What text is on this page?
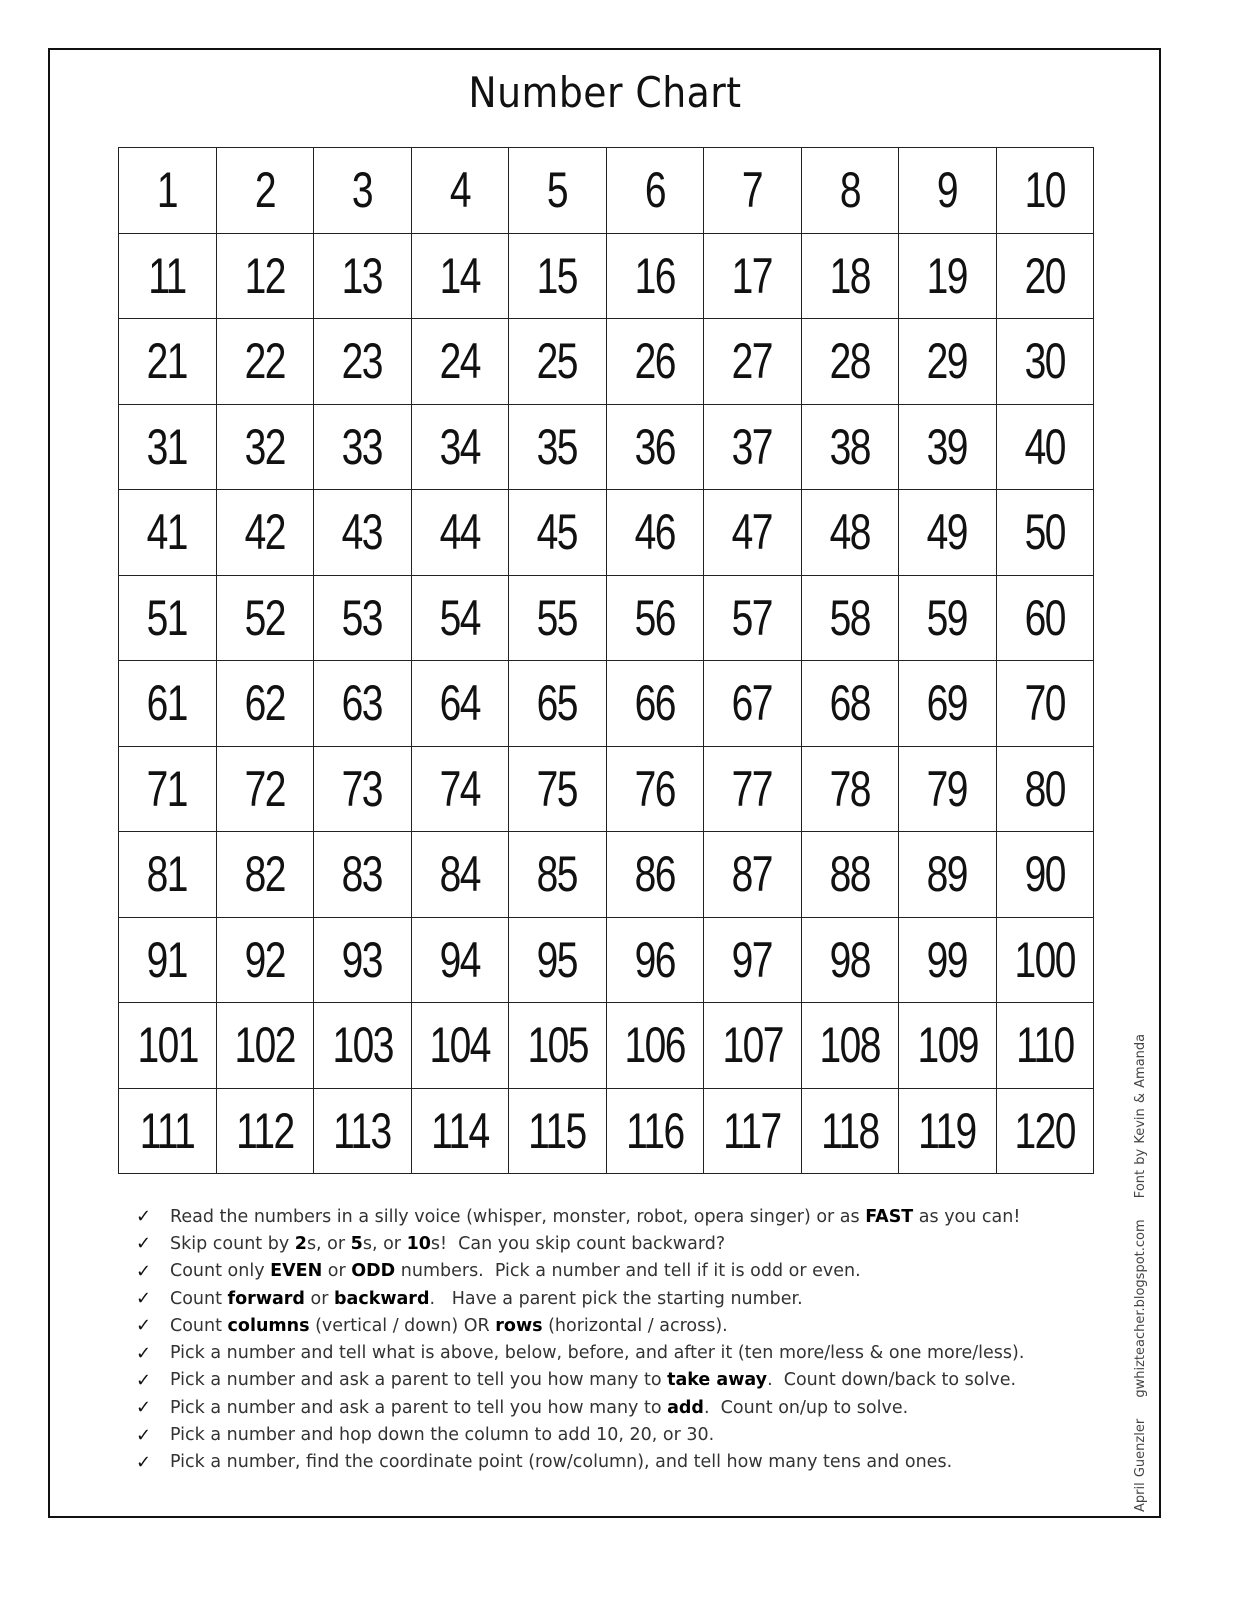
Number Chart
1 2 3 4 5 6 7 8 9 10
11 12 13 14 15 16 17 18 19 20
21 22 23 24 25 26 27 28 29 30
31 32 33 34 35 36 37 38 39 40
41 42 43 44 45 46 47 48 49 50
51 52 53 54 55 56 57 58 59 60
61 62 63 64 65 66 67 68 69 70
71 72 73 74 75 76 77 78 79 80
81 82 83 84 85 86 87 88 89 90
91 92 93 94 95 96 97 98 99 100
101 102 103 104 105 106 107 108 109 110
111 112 113 114 115 116 117 118 119 120
✓	Read the numbers in a silly voice (whisper, monster, robot, opera singer) or as FAST as you can!
✓	Skip count by 2s, or 5s, or 10s!  Can you skip count backward?
✓	Count only EVEN or ODD numbers.  Pick a number and tell if it is odd or even.
✓	Count forward or backward.   Have a parent pick the starting number.
✓	Count columns (vertical / down) OR rows (horizontal / across).
✓	Pick a number and tell what is above, below, before, and after it (ten more/less & one more/less).
✓	Pick a number and ask a parent to tell you how many to take away.  Count down/back to solve.
✓	Pick a number and ask a parent to tell you how many to add.  Count on/up to solve.
✓	Pick a number and hop down the column to add 10, 20, or 30.
✓	Pick a number, find the coordinate point (row/column), and tell how many tens and ones.	April Guenzler gwhizteacher.blogspot.com Font by Kevin & Amanda
